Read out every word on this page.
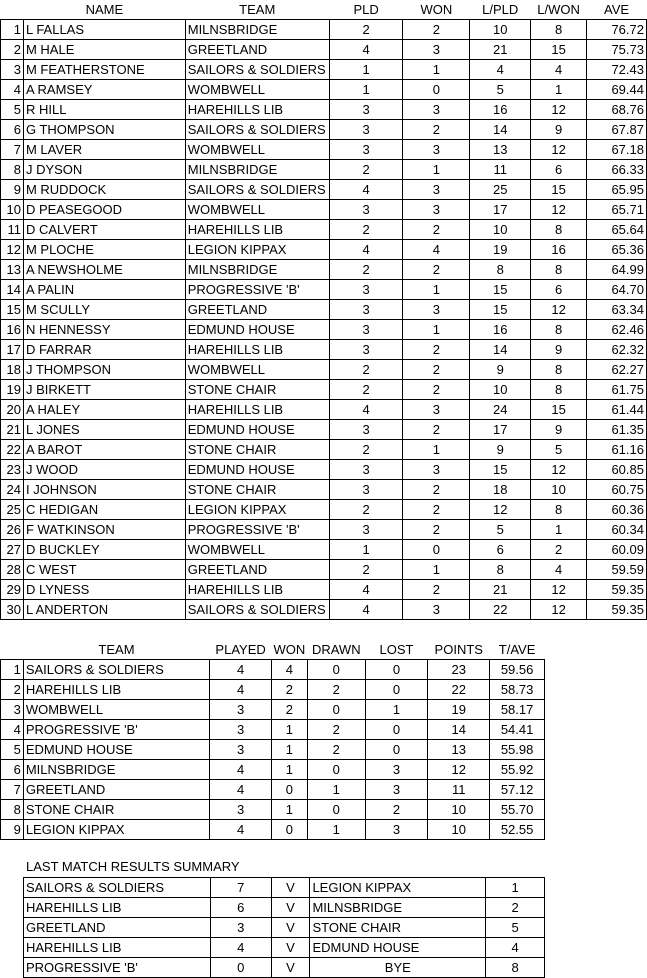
	NAME	TEAM	PLD	WON	L/PLD	L/WON	AVE
1	L FALLAS	MILNSBRIDGE	2	2	10	8	76.72
2	M HALE	GREETLAND	4	3	21	15	75.73
3	M FEATHERSTONE	SAILORS & SOLDIERS	1	1	4	4	72.43
4	A RAMSEY	WOMBWELL	1	0	5	1	69.44
5	R HILL	HAREHILLS LIB	3	3	16	12	68.76
6	G THOMPSON	SAILORS & SOLDIERS	3	2	14	9	67.87
7	M LAVER	WOMBWELL	3	3	13	12	67.18
8	J DYSON	MILNSBRIDGE	2	1	11	6	66.33
9	M RUDDOCK	SAILORS & SOLDIERS	4	3	25	15	65.95
10	D PEASEGOOD	WOMBWELL	3	3	17	12	65.71
11	D CALVERT	HAREHILLS LIB	2	2	10	8	65.64
12	M PLOCHE	LEGION KIPPAX	4	4	19	16	65.36
13	A NEWSHOLME	MILNSBRIDGE	2	2	8	8	64.99
14	A PALIN	PROGRESSIVE 'B'	3	1	15	6	64.70
15	M SCULLY	GREETLAND	3	3	15	12	63.34
16	N HENNESSY	EDMUND HOUSE	3	1	16	8	62.46
17	D FARRAR	HAREHILLS LIB	3	2	14	9	62.32
18	J THOMPSON	WOMBWELL	2	2	9	8	62.27
19	J BIRKETT	STONE CHAIR	2	2	10	8	61.75
20	A HALEY	HAREHILLS LIB	4	3	24	15	61.44
21	L JONES	EDMUND HOUSE	3	2	17	9	61.35
22	A BAROT	STONE CHAIR	2	1	9	5	61.16
23	J WOOD	EDMUND HOUSE	3	3	15	12	60.85
24	I JOHNSON	STONE CHAIR	3	2	18	10	60.75
25	C HEDIGAN	LEGION KIPPAX	2	2	12	8	60.36
26	F WATKINSON	PROGRESSIVE 'B'	3	2	5	1	60.34
27	D BUCKLEY	WOMBWELL	1	0	6	2	60.09
28	C WEST	GREETLAND	2	1	8	4	59.59
29	D LYNESS	HAREHILLS LIB	4	2	21	12	59.35
30	L ANDERTON	SAILORS & SOLDIERS	4	3	22	12	59.35
	TEAM	PLAYED	WON	DRAWN	LOST	POINTS	T/AVE
1	SAILORS & SOLDIERS	4	4	0	0	23	59.56
2	HAREHILLS LIB	4	2	2	0	22	58.73
3	WOMBWELL	3	2	0	1	19	58.17
4	PROGRESSIVE 'B'	3	1	2	0	14	54.41
5	EDMUND HOUSE	3	1	2	0	13	55.98
6	MILNSBRIDGE	4	1	0	3	12	55.92
7	GREETLAND	4	0	1	3	11	57.12
8	STONE CHAIR	3	1	0	2	10	55.70
9	LEGION KIPPAX	4	0	1	3	10	52.55
LAST MATCH RESULTS SUMMARY
SAILORS & SOLDIERS	7	V	LEGION KIPPAX	1
HAREHILLS LIB	6	V	MILNSBRIDGE	2
GREETLAND	3	V	STONE CHAIR	5
HAREHILLS LIB	4	V	EDMUND HOUSE	4
PROGRESSIVE 'B'	0	V	BYE	8
